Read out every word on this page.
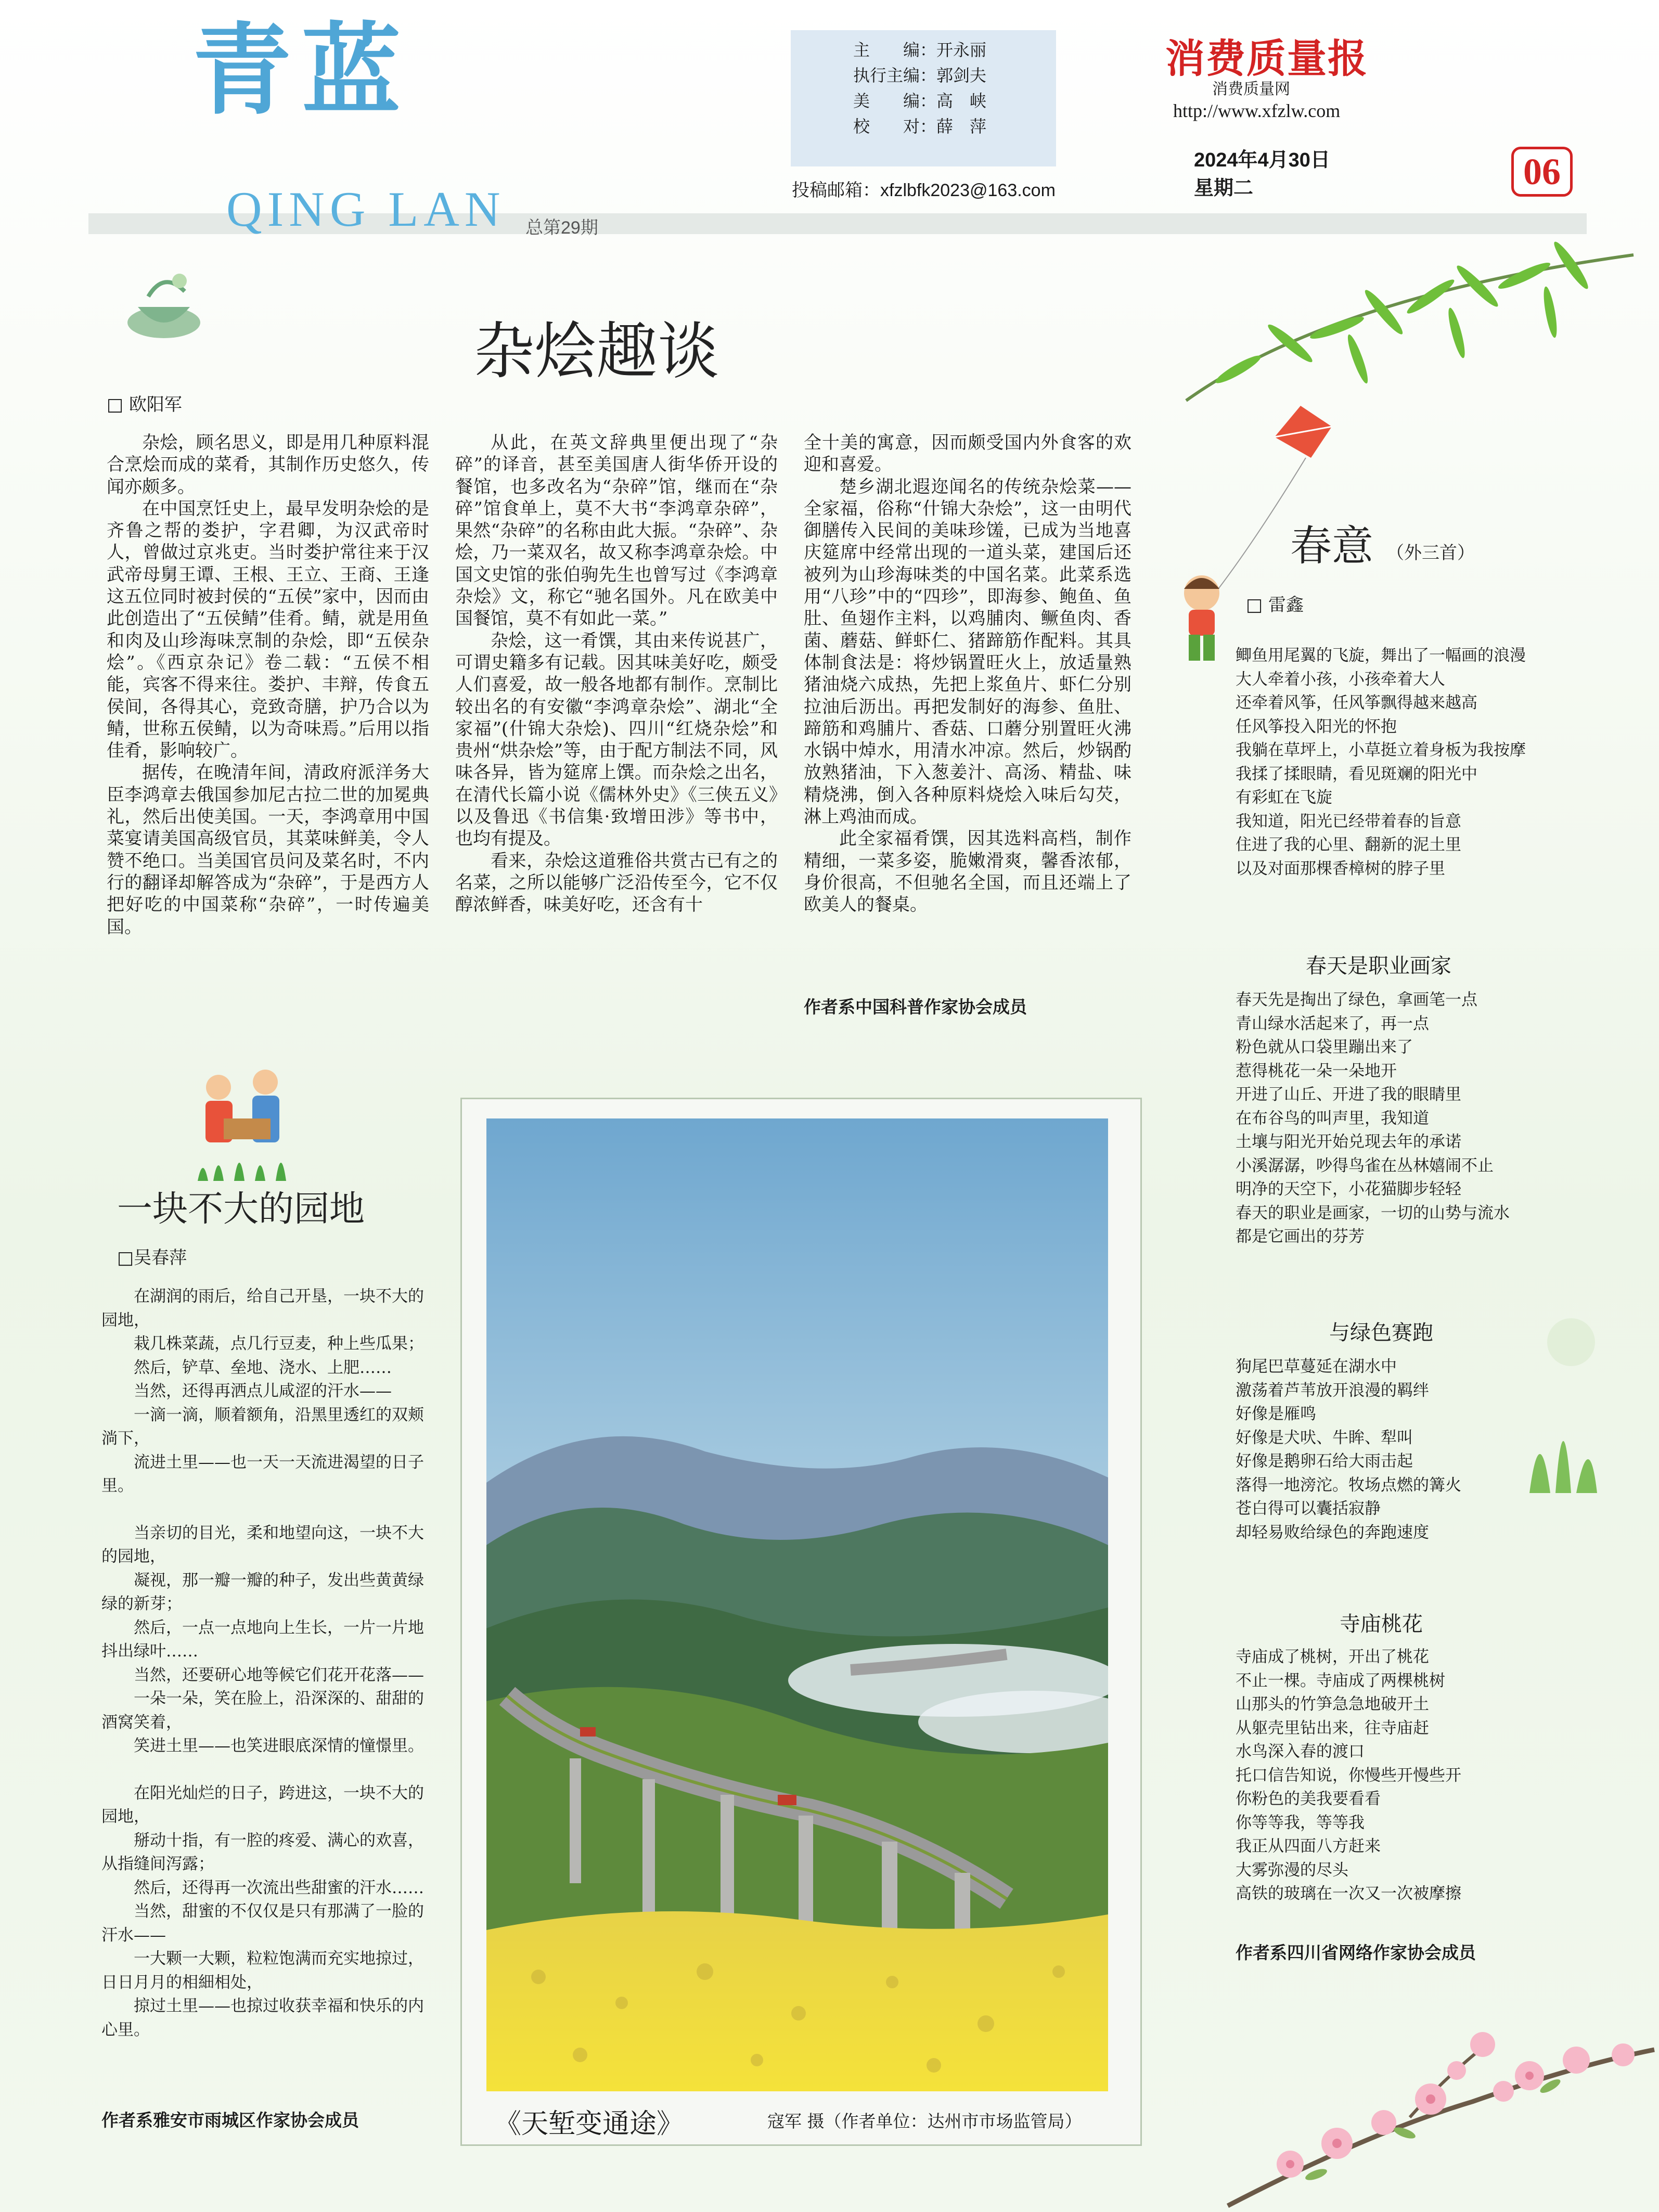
青蓝
QING LAN 总第29期
主　　编：开永丽
执行主编：郭剑夫
美　　编：高　峡
校　　对：薛　萍
投稿邮箱：xfzlbfk2023@163.com
消费质量报
消费质量网
http://www.xfzlw.com
2024年4月30日
星期二	06
杂烩趣谈
□ 欧阳军

杂烩，顾名思义，即是用几种原料混合烹烩而成的菜肴，其制作历史悠久，传闻亦颇多。

在中国烹饪史上，最早发明杂烩的是齐鲁之帮的娄护，字君卿，为汉武帝时人，曾做过京兆吏。当时娄护常往来于汉武帝母舅王谭、王根、王立、王商、王逢这五位同时被封侯的“五侯”家中，因而由此创造出了“五侯鲭”佳肴。鲭，就是用鱼和肉及山珍海味烹制的杂烩，即“五侯杂烩”。《西京杂记》卷二载：“五侯不相能，宾客不得来往。娄护、丰辩，传食五侯间，各得其心，竞致奇膳，护乃合以为鲭，世称五侯鲭，以为奇味焉。”后用以指佳肴，影响较广。

据传，在晚清年间，清政府派洋务大臣李鸿章去俄国参加尼古拉二世的加冕典礼，然后出使美国。一天，李鸿章用中国菜宴请美国高级官员，其菜味鲜美，令人赞不绝口。当美国官员问及菜名时，不内行的翻译却解答成为“杂碎”，于是西方人把好吃的中国菜称“杂碎”，一时传遍美国。

从此，在英文辞典里便出现了“杂碎”的译音，甚至美国唐人街华侨开设的餐馆，也多改名为“杂碎”馆，继而在“杂碎”馆食单上，莫不大书“李鸿章杂碎”，果然“杂碎”的名称由此大振。“杂碎”、杂烩，乃一菜双名，故又称李鸿章杂烩。中国文史馆的张伯驹先生也曾写过《李鸿章杂烩》文，称它“驰名国外。凡在欧美中国餐馆，莫不有如此一菜。”

杂烩，这一肴馔，其由来传说甚广，可谓史籍多有记载。因其味美好吃，颇受人们喜爱，故一般各地都有制作。烹制比较出名的有安徽“李鸿章杂烩”、湖北“全家福”(什锦大杂烩)、四川“红烧杂烩”和贵州“烘杂烩”等，由于配方制法不同，风味各异，皆为筵席上馔。而杂烩之出名，在清代长篇小说《儒林外史》《三侠五义》以及鲁迅《书信集·致增田涉》等书中，也均有提及。

看来，杂烩这道雅俗共赏古已有之的名菜，之所以能够广泛沿传至今，它不仅醇浓鲜香，味美好吃，还含有十

全十美的寓意，因而颇受国内外食客的欢迎和喜爱。

楚乡湖北遐迩闻名的传统杂烩菜——全家福，俗称“什锦大杂烩”，这一由明代御膳传入民间的美味珍馐，已成为当地喜庆筵席中经常出现的一道头菜，建国后还被列为山珍海味类的中国名菜。此菜系选用“八珍”中的“四珍”，即海参、鲍鱼、鱼肚、鱼翅作主料，以鸡脯肉、鳜鱼肉、香菌、蘑菇、鲜虾仁、猪蹄筋作配料。其具体制食法是：将炒锅置旺火上，放适量熟猪油烧六成热，先把上浆鱼片、虾仁分别拉油后沥出。再把发制好的海参、鱼肚、蹄筋和鸡脯片、香菇、口蘑分别置旺火沸水锅中焯水，用清水冲凉。然后，炒锅酌放熟猪油，下入葱姜汁、高汤、精盐、味精烧沸，倒入各种原料烧烩入味后勾芡，淋上鸡油而成。

此全家福肴馔，因其选料高档，制作精细，一菜多姿，脆嫩滑爽，馨香浓郁，身价很高，不但驰名全国，而且还端上了欧美人的餐桌。

作者系中国科普作家协会成员
一块不大的园地
□吴春萍

在湖润的雨后，给自己开垦，一块不大的园地，

栽几株菜蔬，点几行豆麦，种上些瓜果；

然后，铲草、垒地、浇水、上肥……

当然，还得再洒点儿咸涩的汗水——

一滴一滴，顺着额角，沿黑里透红的双颊淌下，

流进土里——也一天一天流进渴望的日子里。

当亲切的目光，柔和地望向这，一块不大的园地，

凝视，那一瓣一瓣的种子，发出些黄黄绿绿的新芽；

然后，一点一点地向上生长，一片一片地抖出绿叶……

当然，还要研心地等候它们花开花落——

一朵一朵，笑在脸上，沿深深的、甜甜的酒窝笑着，

笑进土里——也笑进眼底深情的憧憬里。

在阳光灿烂的日子，跨进这，一块不大的园地，

掰动十指，有一腔的疼爱、满心的欢喜，从指缝间泻露；

然后，还得再一次流出些甜蜜的汗水……

当然，甜蜜的不仅仅是只有那满了一脸的汗水——

一大颗一大颗，粒粒饱满而充实地掠过，日日月月的相細相处，

掠过土里——也掠过收获幸福和快乐的内心里。

作者系雅安市雨城区作家协会成员	《天堑变通途》	寇军 摄（作者单位：达州市市场监管局）
春意 （外三首）
□ 雷鑫
鲫鱼用尾翼的飞旋，舞出了一幅画的浪漫
大人牵着小孩，小孩牵着大人
还牵着风筝，任风筝飘得越来越高
任风筝投入阳光的怀抱
我躺在草坪上，小草挺立着身板为我按摩
我揉了揉眼睛，看见斑斓的阳光中
有彩虹在飞旋
我知道，阳光已经带着春的旨意
住进了我的心里、翻新的泥土里
以及对面那棵香樟树的脖子里
春天是职业画家
春天先是掏出了绿色，拿画笔一点
青山绿水活起来了，再一点
粉色就从口袋里蹦出来了
惹得桃花一朵一朵地开
开进了山丘、开进了我的眼睛里
在布谷鸟的叫声里，我知道
土壤与阳光开始兑现去年的承诺
小溪潺潺，吵得鸟雀在丛林嬉闹不止
明净的天空下，小花猫脚步轻轻
春天的职业是画家，一切的山势与流水
都是它画出的芬芳
与绿色赛跑
狗尾巴草蔓延在湖水中
激荡着芦苇放开浪漫的羁绊
好像是雁鸣
好像是犬吠、牛眸、犁叫
好像是鹅卵石给大雨击起
落得一地滂沱。牧场点燃的篝火
苍白得可以囊括寂静
却轻易败给绿色的奔跑速度
寺庙桃花
寺庙成了桃树，开出了桃花
不止一棵。寺庙成了两棵桃树
山那头的竹笋急急地破开土
从躯壳里钻出来，往寺庙赶
水鸟深入春的渡口
托口信告知说，你慢些开慢些开
你粉色的美我要看看
你等等我，等等我
我正从四面八方赶来
大雾弥漫的尽头
高铁的玻璃在一次又一次被摩擦
作者系四川省网络作家协会成员
